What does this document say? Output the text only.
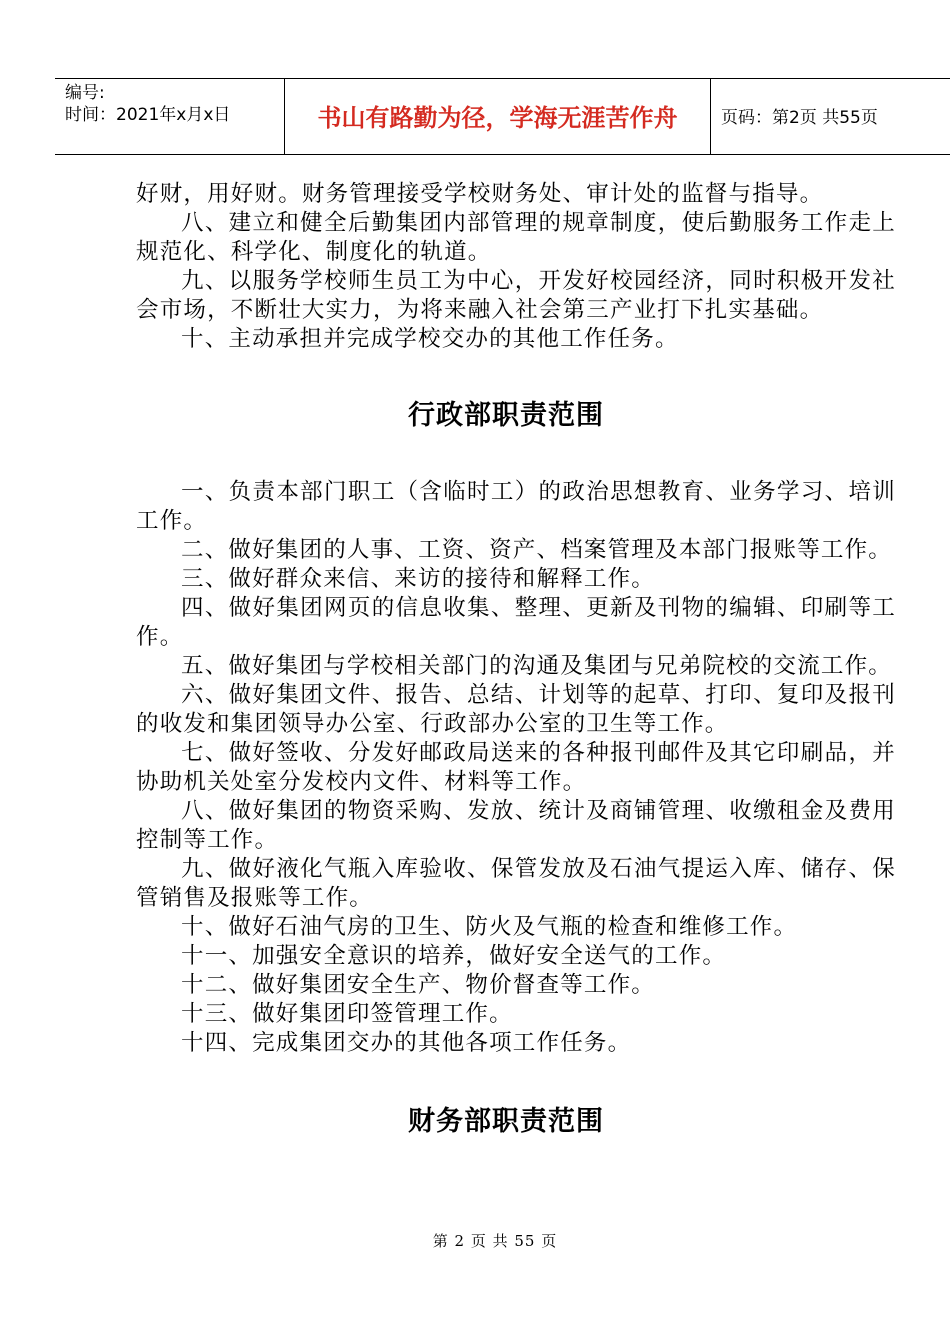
编号:
时间：2021年x月x日	书山有路勤为径，学海无涯苦作舟	页码：第2页 共55页

好财，用好财。财务管理接受学校财务处、审计处的监督与指导。

八、建立和健全后勤集团内部管理的规章制度，使后勤服务工作走上规范化、科学化、制度化的轨道。

九、以服务学校师生员工为中心，开发好校园经济，同时积极开发社会市场，不断壮大实力，为将来融入社会第三产业打下扎实基础。

十、主动承担并完成学校交办的其他工作任务。

行政部职责范围

一、负责本部门职工（含临时工）的政治思想教育、业务学习、培训工作。

二、做好集团的人事、工资、资产、档案管理及本部门报账等工作。

三、做好群众来信、来访的接待和解释工作。

四、做好集团网页的信息收集、整理、更新及刊物的编辑、印刷等工作。

五、做好集团与学校相关部门的沟通及集团与兄弟院校的交流工作。

六、做好集团文件、报告、总结、计划等的起草、打印、复印及报刊的收发和集团领导办公室、行政部办公室的卫生等工作。

七、做好签收、分发好邮政局送来的各种报刊邮件及其它印刷品，并协助机关处室分发校内文件、材料等工作。

八、做好集团的物资采购、发放、统计及商铺管理、收缴租金及费用控制等工作。

九、做好液化气瓶入库验收、保管发放及石油气提运入库、储存、保管销售及报账等工作。

十、做好石油气房的卫生、防火及气瓶的检查和维修工作。

十一、加强安全意识的培养，做好安全送气的工作。

十二、做好集团安全生产、物价督查等工作。

十三、做好集团印签管理工作。

十四、完成集团交办的其他各项工作任务。

财务部职责范围
第 2 页 共 55 页
